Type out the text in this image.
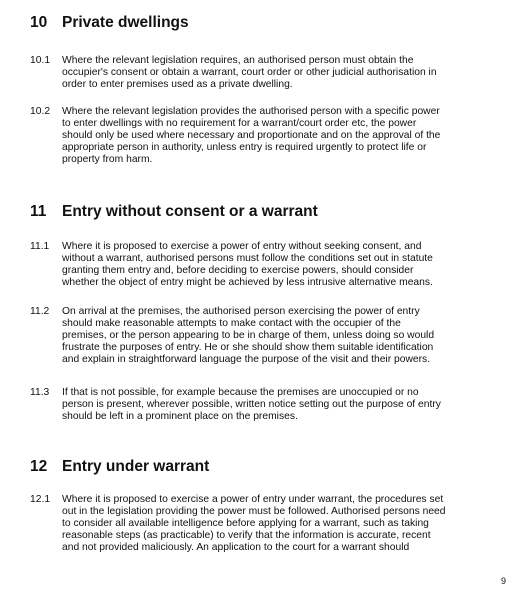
10 Private dwellings
10.1	Where the relevant legislation requires, an authorised person must obtain the
occupier's consent or obtain a warrant, court order or other judicial authorisation in
order to enter premises used as a private dwelling.
10.2	Where the relevant legislation provides the authorised person with a specific power
to enter dwellings with no requirement for a warrant/court order etc, the power
should only be used where necessary and proportionate and on the approval of the
appropriate person in authority, unless entry is required urgently to protect life or
property from harm.
11 Entry without consent or a warrant
11.1	Where it is proposed to exercise a power of entry without seeking consent, and
without a warrant, authorised persons must follow the conditions set out in statute
granting them entry and, before deciding to exercise powers, should consider
whether the object of entry might be achieved by less intrusive alternative means.
11.2	On arrival at the premises, the authorised person exercising the power of entry
should make reasonable attempts to make contact with the occupier of the
premises, or the person appearing to be in charge of them, unless doing so would
frustrate the purposes of entry. He or she should show them suitable identification
and explain in straightforward language the purpose of the visit and their powers.
11.3	If that is not possible, for example because the premises are unoccupied or no
person is present, wherever possible, written notice setting out the purpose of entry
should be left in a prominent place on the premises.
12 Entry under warrant
12.1	Where it is proposed to exercise a power of entry under warrant, the procedures set
out in the legislation providing the power must be followed. Authorised persons need
to consider all available intelligence before applying for a warrant, such as taking
reasonable steps (as practicable) to verify that the information is accurate, recent
and not provided maliciously. An application to the court for a warrant should
9
